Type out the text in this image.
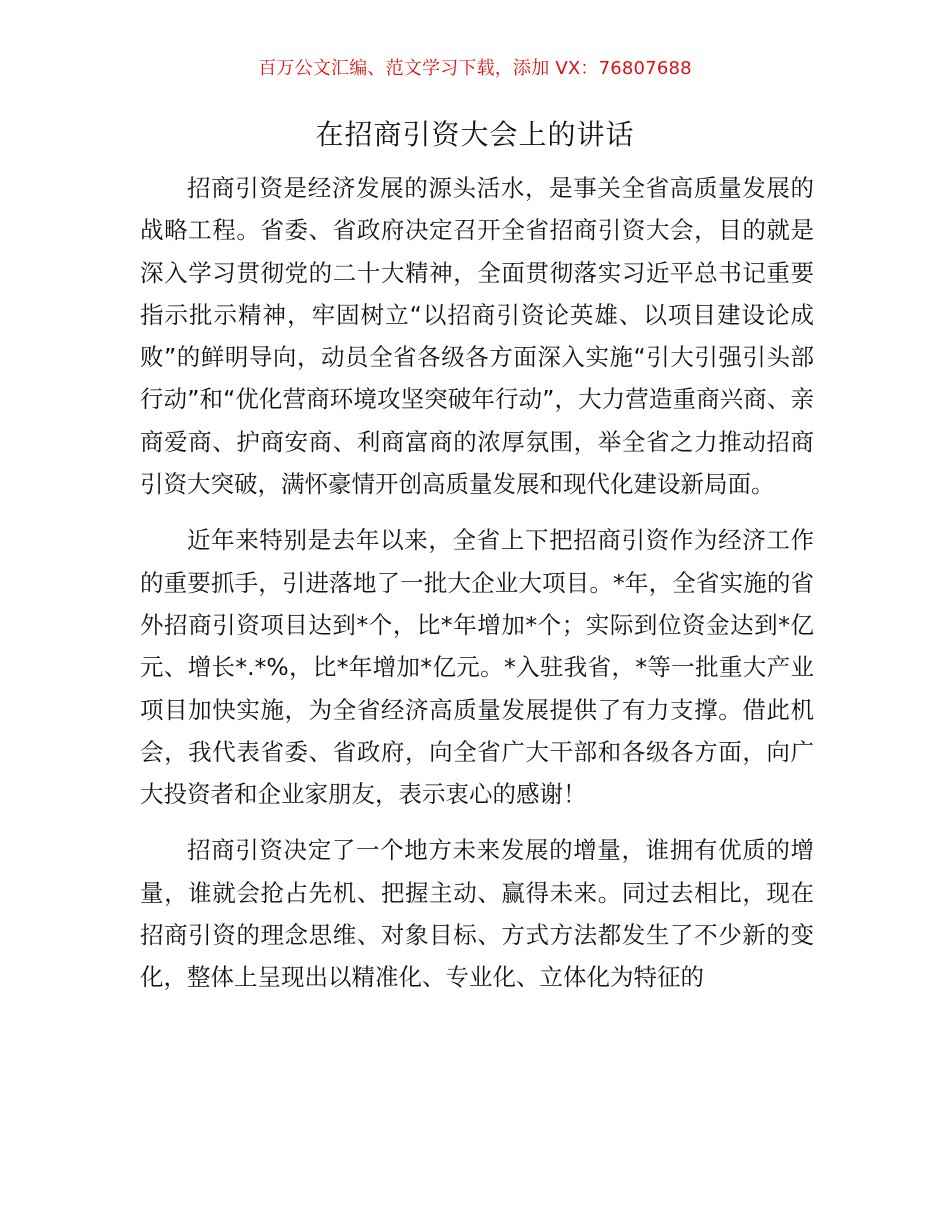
百万公文汇编、范文学习下载，添加 VX：76807688
在招商引资大会上的讲话

招商引资是经济发展的源头活水，是事关全省高质量发展的战略工程。省委、省政府决定召开全省招商引资大会，目的就是深入学习贯彻党的二十大精神，全面贯彻落实习近平总书记重要指示批示精神，牢固树立“以招商引资论英雄、以项目建设论成败”的鲜明导向，动员全省各级各方面深入实施“引大引强引头部行动”和“优化营商环境攻坚突破年行动”，大力营造重商兴商、亲商爱商、护商安商、利商富商的浓厚氛围，举全省之力推动招商引资大突破，满怀豪情开创高质量发展和现代化建设新局面。

近年来特别是去年以来，全省上下把招商引资作为经济工作的重要抓手，引进落地了一批大企业大项目。*年，全省实施的省外招商引资项目达到*个，比*年增加*个；实际到位资金达到*亿元、增长*.*%，比*年增加*亿元。*入驻我省，*等一批重大产业项目加快实施，为全省经济高质量发展提供了有力支撑。借此机会，我代表省委、省政府，向全省广大干部和各级各方面，向广大投资者和企业家朋友，表示衷心的感谢！

招商引资决定了一个地方未来发展的增量，谁拥有优质的增量，谁就会抢占先机、把握主动、赢得未来。同过去相比，现在招商引资的理念思维、对象目标、方式方法都发生了不少新的变化，整体上呈现出以精准化、专业化、立体化为特征的
